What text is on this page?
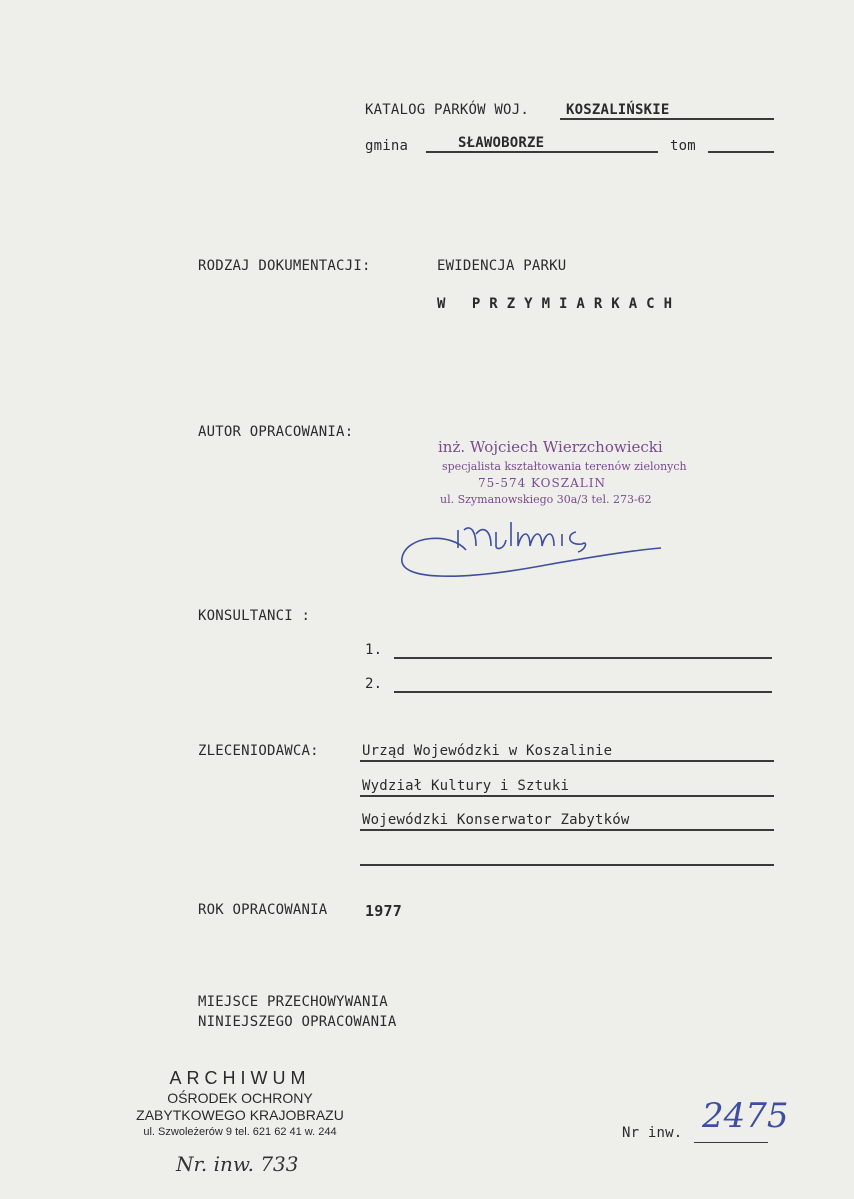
KATALOG PARKÓW WOJ.	KOSZALIŃSKIE
gmina	SŁAWOBORZE	tom
RODZAJ DOKUMENTACJI:	EWIDENCJA PARKU
W PRZYMIARKACH
AUTOR OPRACOWANIA:
inż. Wojciech Wierzchowiecki
specjalista kształtowania terenów zielonych
75-574 KOSZALIN
ul. Szymanowskiego 30a/3 tel. 273-62
KONSULTANCI :
1.
2.
ZLECENIODAWCA:	Urząd Wojewódzki w Koszalinie
Wydział Kultury i Sztuki
Wojewódzki Konserwator Zabytków
ROK OPRACOWANIA	1977
MIEJSCE PRZECHOWYWANIA
NINIEJSZEGO OPRACOWANIA
ARCHIWUM
OŚRODEK OCHRONY
ZABYTKOWEGO KRAJOBRAZU
ul. Szwoleżerów 9 tel. 621 62 41 w. 244
Nr. inw. 733
Nr inw. 2475
